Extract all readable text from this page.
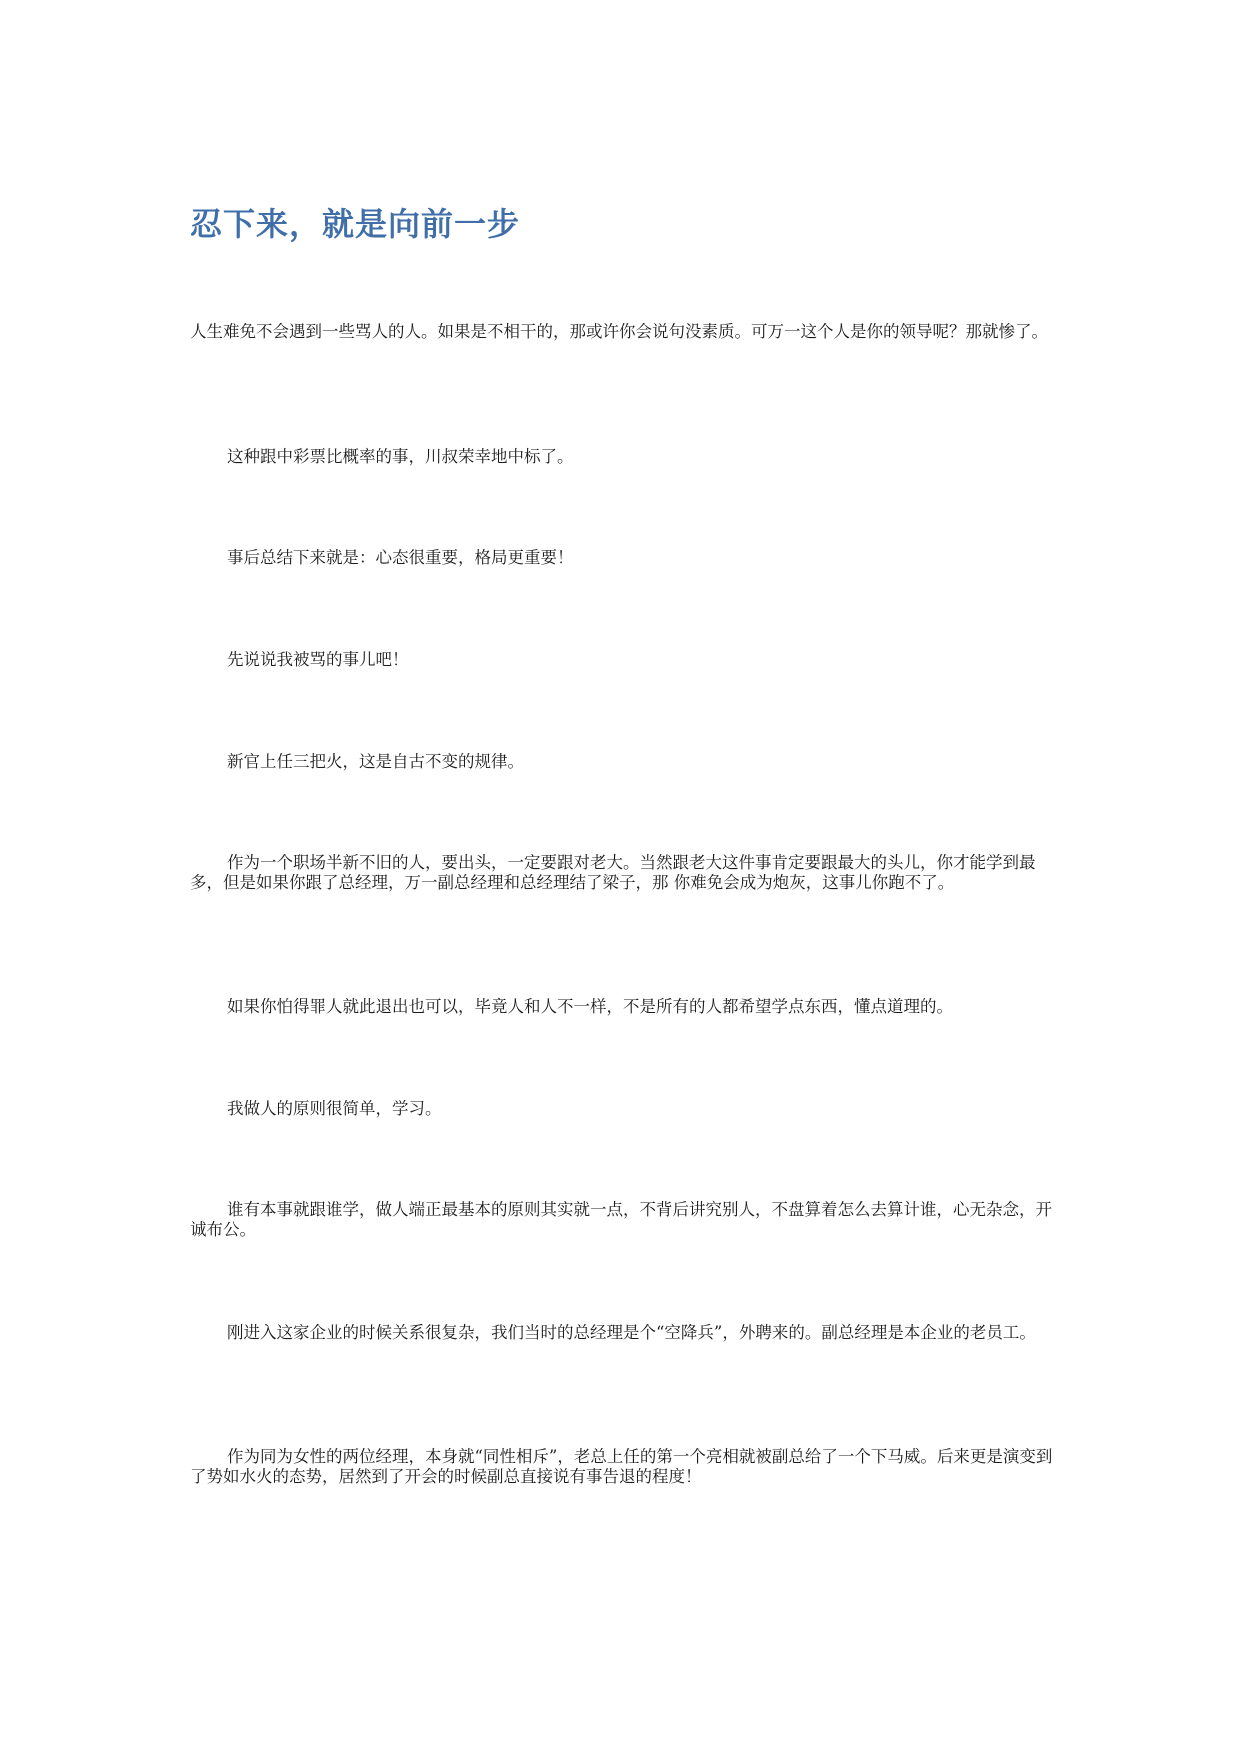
忍下来，就是向前一步

人生难免不会遇到一些骂人的人。如果是不相干的，那或许你会说句没素质。可万一这个人是你的领导呢？那就惨了。

这种跟中彩票比概率的事，川叔荣幸地中标了。

事后总结下来就是：心态很重要，格局更重要！

先说说我被骂的事儿吧！

新官上任三把火，这是自古不变的规律。

作为一个职场半新不旧的人，要出头，一定要跟对老大。当然跟老大这件事肯定要跟最大的头儿，你才能学到最多，但是如果你跟了总经理，万一副总经理和总经理结了梁子，那 你难免会成为炮灰，这事儿你跑不了。

如果你怕得罪人就此退出也可以，毕竟人和人不一样，不是所有的人都希望学点东西，懂点道理的。

我做人的原则很简单，学习。

谁有本事就跟谁学，做人端正最基本的原则其实就一点，不背后讲究别人，不盘算着怎么去算计谁，心无杂念，开诚布公。

刚进入这家企业的时候关系很复杂，我们当时的总经理是个“空降兵”，外聘来的。副总经理是本企业的老员工。

作为同为女性的两位经理，本身就“同性相斥”，老总上任的第一个亮相就被副总给了一个下马威。后来更是演变到了势如水火的态势，居然到了开会的时候副总直接说有事告退的程度！
